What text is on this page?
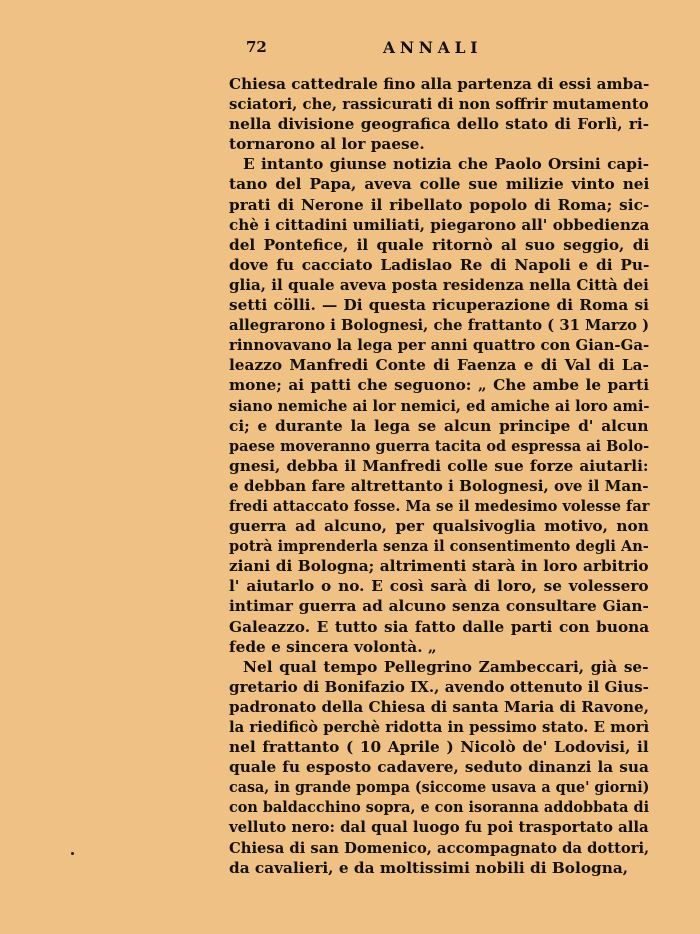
72	ANNALI
Chiesa cattedrale fino alla partenza di essi amba-
sciatori, che, rassicurati di non soffrir mutamento
nella divisione geografica dello stato di Forlì, ri-
tornarono al lor paese.
E intanto giunse notizia che Paolo Orsini capi-
tano del Papa, aveva colle sue milizie vinto nei
prati di Nerone il ribellato popolo di Roma; sic-
chè i cittadini umiliati, piegarono all' obbedienza
del Pontefice, il quale ritornò al suo seggio, di
dove fu cacciato Ladislao Re di Napoli e di Pu-
glia, il quale aveva posta residenza nella Città dei
setti cölli. — Di questa ricuperazione di Roma si
allegrarono i Bolognesi, che frattanto ( 31 Marzo )
rinnovavano la lega per anni quattro con Gian-Ga-
leazzo Manfredi Conte di Faenza e di Val di La-
mone; ai patti che seguono: „ Che ambe le parti
siano nemiche ai lor nemici, ed amiche ai loro ami-
ci; e durante la lega se alcun principe d' alcun
paese moveranno guerra tacita od espressa ai Bolo-
gnesi, debba il Manfredi colle sue forze aiutarli:
e debban fare altrettanto i Bolognesi, ove il Man-
fredi attaccato fosse. Ma se il medesimo volesse far
guerra ad alcuno, per qualsivoglia motivo, non
potrà imprenderla senza il consentimento degli An-
ziani di Bologna; altrimenti starà in loro arbitrio
l' aiutarlo o no. E così sarà di loro, se volessero
intimar guerra ad alcuno senza consultare Gian-
Galeazzo. E tutto sia fatto dalle parti con buona
fede e sincera volontà. „
Nel qual tempo Pellegrino Zambeccari, già se-
gretario di Bonifazio IX., avendo ottenuto il Gius-
padronato della Chiesa di santa Maria di Ravone,
la riedificò perchè ridotta in pessimo stato. E morì
nel frattanto ( 10 Aprile ) Nicolò de' Lodovisi, il
quale fu esposto cadavere, seduto dinanzi la sua
casa, in grande pompa (siccome usava a que' giorni)
con baldacchino sopra, e con isoranna addobbata di
velluto nero: dal qual luogo fu poi trasportato alla
Chiesa di san Domenico, accompagnato da dottori,
da cavalieri, e da moltissimi nobili di Bologna,
